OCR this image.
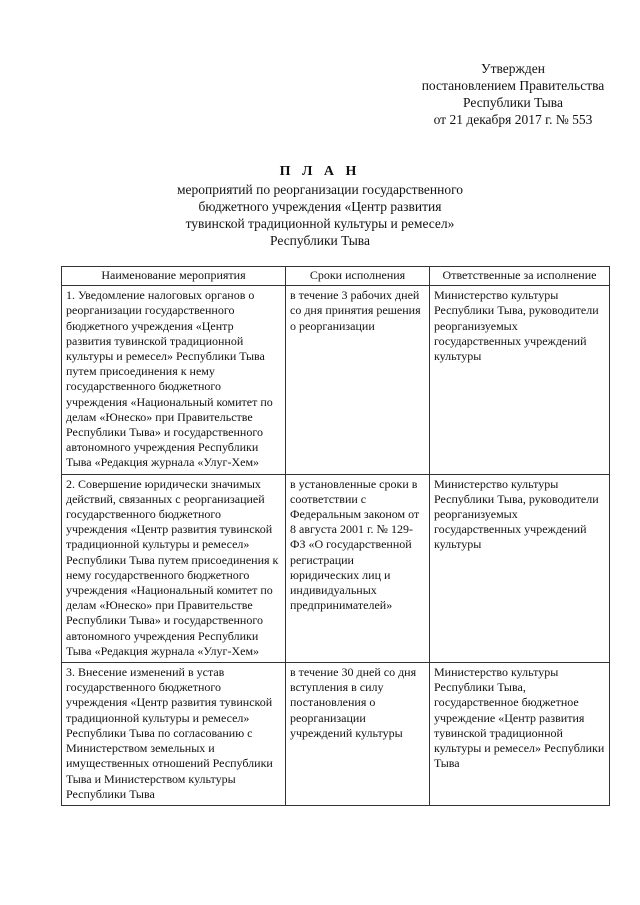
Утвержден
постановлением Правительства
Республики Тыва
от 21 декабря 2017 г. № 553
П Л А Н
мероприятий по реорганизации государственного
бюджетного учреждения «Центр развития
тувинской традиционной культуры и ремесел»
Республики Тыва
Наименование мероприятия	Сроки исполнения	Ответственные за исполнение
1. Уведомление налоговых органов о реорганизации государственного бюджетного учреждения «Центр развития тувинской традиционной культуры и ремесел» Республики Тыва путем присоединения к нему государственного бюджетного учреждения «Национальный комитет по делам «Юнеско» при Правительстве Республики Тыва» и государственного автономного учреждения Республики Тыва «Редакция журнала «Улуг-Хем»	в течение 3 рабочих дней со дня принятия решения о реорганизации	Министерство культуры Республики Тыва, руководители реорганизуемых государственных учреждений культуры
2. Совершение юридически значимых действий, связанных с реорганизацией государственного бюджетного учреждения «Центр развития тувинской традиционной культуры и ремесел» Республики Тыва путем присоединения к нему государственного бюджетного учреждения «Национальный комитет по делам «Юнеско» при Правительстве Республики Тыва» и государственного автономного учреждения Республики Тыва «Редакция журнала «Улуг-Хем»	в установленные сроки в соответствии с Федеральным законом от 8 августа 2001 г. № 129-ФЗ «О государственной регистрации юридических лиц и индивидуальных предпринимателей»	Министерство культуры Республики Тыва, руководители реорганизуемых государственных учреждений культуры
3. Внесение изменений в устав государственного бюджетного учреждения «Центр развития тувинской традиционной культуры и ремесел» Республики Тыва по согласованию с Министерством земельных и имущественных отношений Республики Тыва и Министерством культуры Республики Тыва	в течение 30 дней со дня вступления в силу постановления о реорганизации учреждений культуры	Министерство культуры Республики Тыва, государственное бюджетное учреждение «Центр развития тувинской традиционной культуры и ремесел» Республики Тыва
